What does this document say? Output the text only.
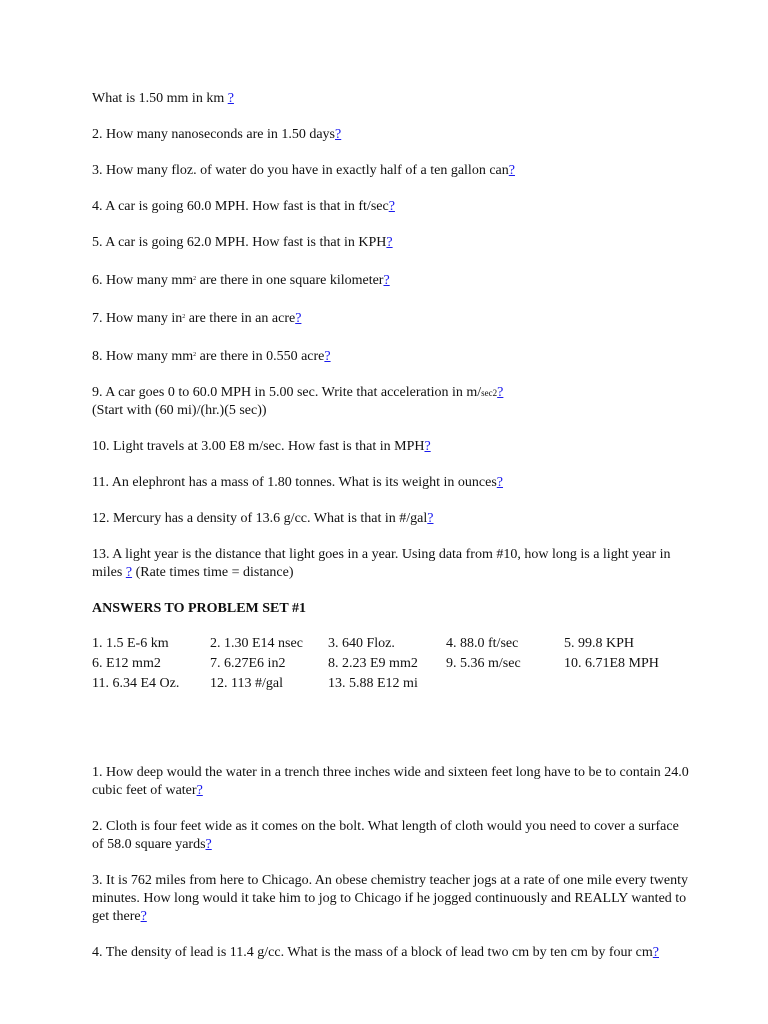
What is 1.50 mm in km ?
2. How many nanoseconds are in 1.50 days?
3. How many floz. of water do you have in exactly half of a ten gallon can?
4. A car is going 60.0 MPH. How fast is that in ft/sec?
5. A car is going 62.0 MPH. How fast is that in KPH?
6. How many $mm^2$ are there in one square kilometer?
7. How many $in^2$ are there in an acre?
8. How many $mm^2$ are there in 0.550 acre?
9. A car goes 0 to 60.0 MPH in 5.00 sec. Write that acceleration in m/sec2?
(Start with (60 mi)/(hr.)(5 sec))
10. Light travels at 3.00 E8 m/sec. How fast is that in MPH?
11. An elephront has a mass of 1.80 tonnes. What is its weight in ounces?
12. Mercury has a density of 13.6 g/cc. What is that in #/gal?
13. A light year is the distance that light goes in a year. Using data from #10, how long is a light year in miles ? (Rate times time = distance)
ANSWERS TO PROBLEM SET #1
1. 1.5 E-6 km	2. 1.30 E14 nsec	3. 640 Floz.	4. 88.0 ft/sec	5. 99.8 KPH
6. E12 mm2	7. 6.27E6 in2	8. 2.23 E9 mm2	9. 5.36 m/sec	10. 6.71E8 MPH
11. 6.34 E4 Oz.	12. 113 #/gal	13. 5.88 E12 mi
1. How deep would the water in a trench three inches wide and sixteen feet long have to be to contain 24.0 cubic feet of water?
2. Cloth is four feet wide as it comes on the bolt. What length of cloth would you need to cover a surface of 58.0 square yards?
3. It is 762 miles from here to Chicago. An obese chemistry teacher jogs at a rate of one mile every twenty minutes. How long would it take him to jog to Chicago if he jogged continuously and REALLY wanted to get there?
4. The density of lead is 11.4 g/cc. What is the mass of a block of lead two cm by ten cm by four cm?
